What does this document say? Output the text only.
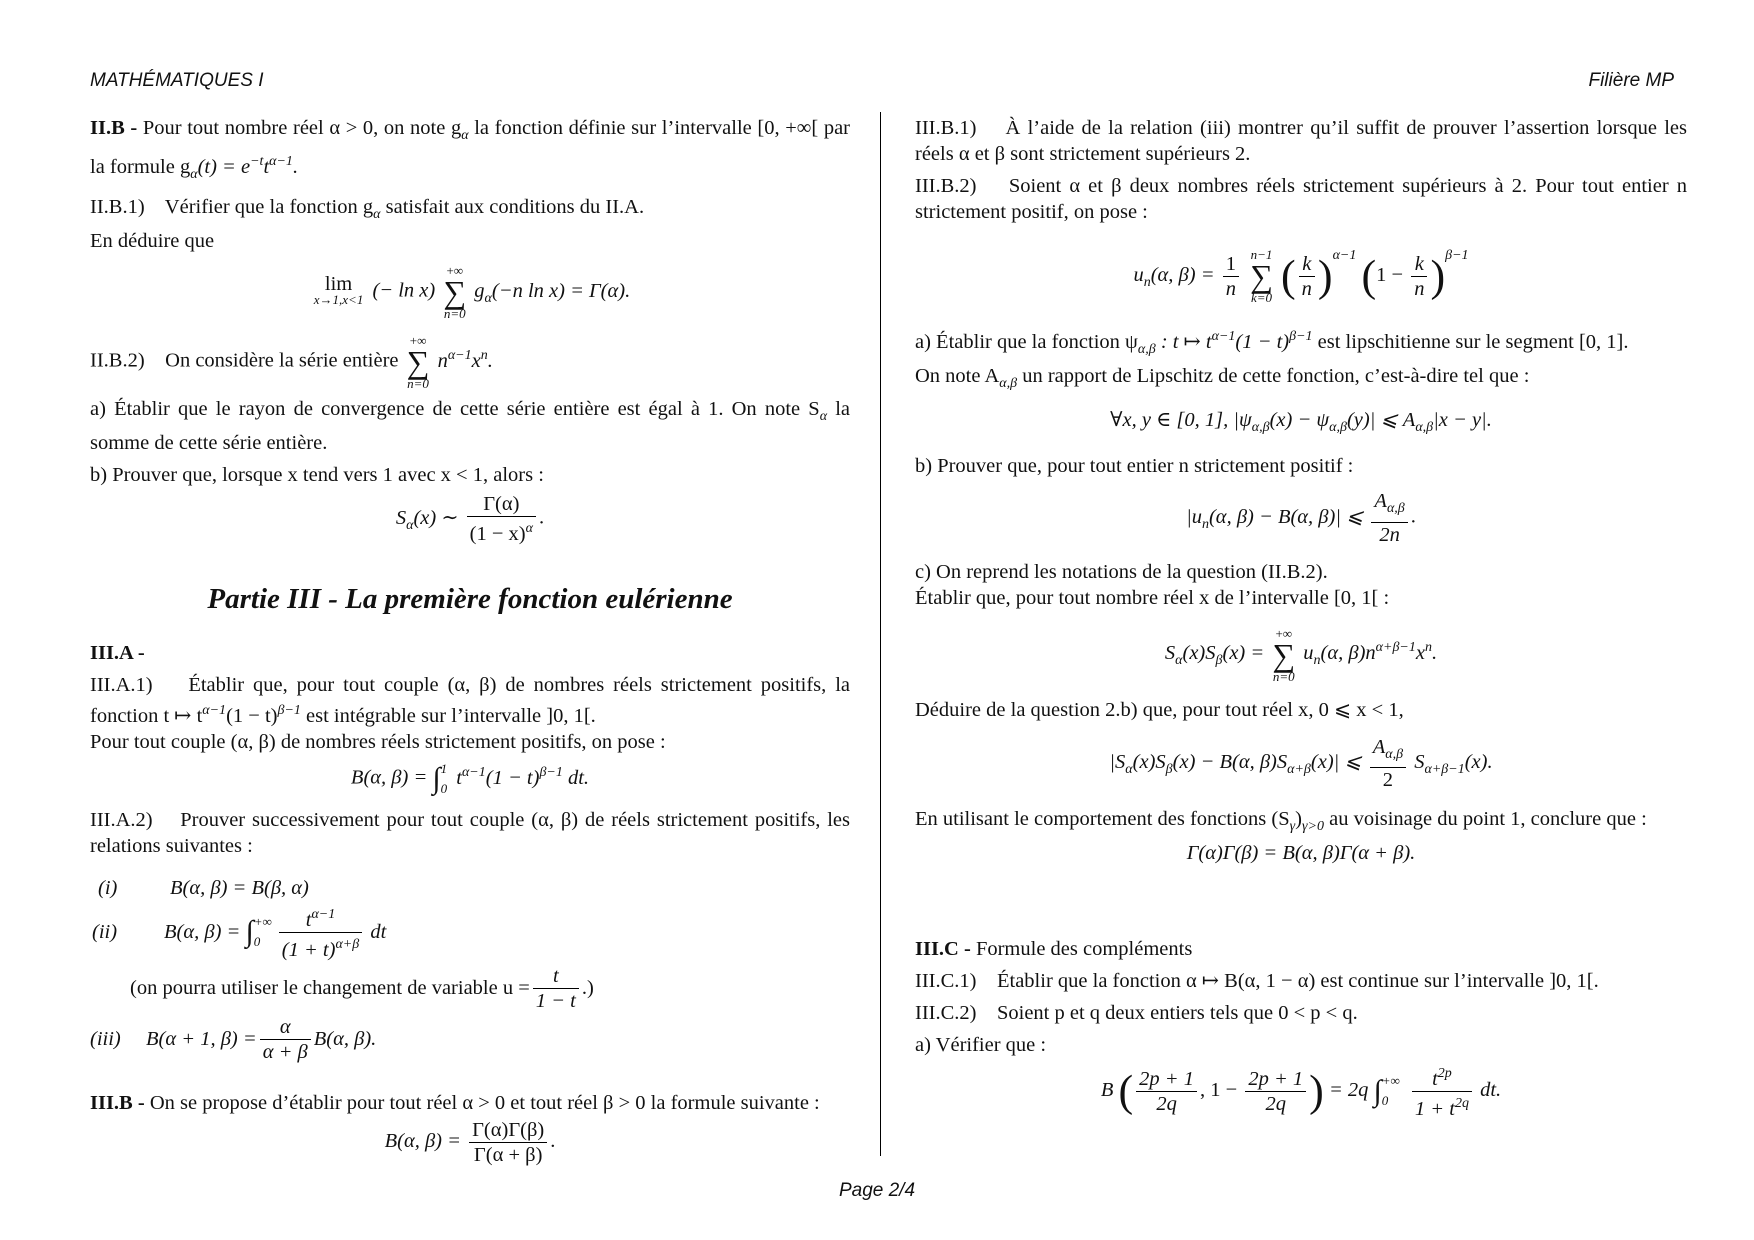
MATHÉMATIQUES I	Filière MP

II.B - Pour tout nombre réel α > 0, on note $g_\alpha$ la fonction définie sur l’intervalle [0, +∞[ par la formule $g_\alpha(t) = e^{-t}t^{\alpha-1}$.

II.B.1) Vérifier que la fonction $g_\alpha$ satisfait aux conditions du II.A.
En déduire que

lim
x→1,x<1 (− ln x) +∞
∑
n=0 $g_\alpha(-n$ ln x) = Γ(α).

II.B.2) On considère la série entière +∞
∑
n=0 $n^{\alpha-1}x^n$.

a) Établir que le rayon de convergence de cette série entière est égal à 1. On note $S_\alpha$ la somme de cette série entière.

b) Prouver que, lorsque x tend vers 1 avec x < 1, alors :

$S_\alpha(x)$ ∼ $\frac{\Gamma(\alpha)}{(1 - x)^\alpha}$ .
Partie III - La première fonction eulérienne

III.A -

III.A.1) Établir que, pour tout couple (α, β) de nombres réels strictement positifs, la fonction t ↦ $t^{\alpha-1}(1 - t)^{\beta-1}$ est intégrable sur l’intervalle ]0, 1[.
Pour tout couple (α, β) de nombres réels strictement positifs, on pose :

B(α, β) = ∫ 1
0 $t^{\alpha-1}(1 - t)^{\beta-1}$ dt.

III.A.2) Prouver successivement pour tout couple (α, β) de réels strictement positifs, les relations suivantes :

(i)	B(α, β) = B(β, α)
(ii)	B(α, β) =
∫ +∞
$0 \frac{t^{\alpha-1}}{(1 + t)^{\alpha+\beta}}$ dt
(on pourra utiliser le changement de variable $u = \frac{t}{1 - t}$ .)
(iii)	B(α + 1, $\beta) = \frac{\alpha}{\alpha + \beta} B(\alpha$, β).

III.B - On se propose d’établir pour tout réel α > 0 et tout réel β > 0 la formule suivante :

B(α, $\beta) = \frac{\Gamma(\alpha)\Gamma(\beta)}{\Gamma(\alpha + \beta)}$ .

III.B.1) À l’aide de la relation (iii) montrer qu’il suffit de prouver l’assertion lorsque les réels α et β sont strictement supérieurs 2.

III.B.2) Soient α et β deux nombres réels strictement supérieurs à 2. Pour tout entier n strictement positif, on pose :

$u_n(\alpha$, $\beta) = \frac{1}{n} n-1$
∑
k=0 ( $\frac{k}{n} )^{\alpha-1}$ $(1 - \frac{k}{n} )^{\beta-1}$

a) Établir que la fonction $\psi_{\alpha,\beta}$ : t ↦ $t^{\alpha-1}(1 - t)^{\beta-1}$ est lipschitienne sur le segment [0, 1].
On note $A_{\alpha,\beta}$ un rapport de Lipschitz de cette fonction, c’est-à-dire tel que :

∀x, y ∈ [0, 1], $|\psi_{\alpha,\beta}(x) - \psi_{\alpha,\beta}(y)|$ ⩽ $A_{\alpha,\beta}|x - y|$.

b) Prouver que, pour tout entier n strictement positif :

$|u_n(\alpha$, β) − B(α, β)| ⩽ $\frac{A_{\alpha,\beta}}{2n}$ .

c) On reprend les notations de la question (II.B.2).
Établir que, pour tout nombre réel x de l’intervalle [0, 1[ :

$S_\alpha(x)S_\beta(x)$ = +∞
∑
n=0 $u_n(\alpha$, $\beta)n^{\alpha+\beta-1}x^n$.

Déduire de la question 2.b) que, pour tout réel x, 0 ⩽ x < 1,

$|S_\alpha(x)S_\beta(x) - B(\alpha$, $\beta)S_{\alpha+\beta}(x)|$ ⩽ $\frac{A_{\alpha,\beta}}{2} S_{\alpha+\beta-1}(x)$.

En utilisant le comportement des fonctions $(S_\gamma)_{\gamma>0}$ au voisinage du point 1, conclure que :

Γ(α)Γ(β) = B(α, β)Γ(α + β).

III.C - Formule des compléments

III.C.1) Établir que la fonction α ↦ B(α, 1 − α) est continue sur l’intervalle ]0, 1[.

III.C.2) Soient p et q deux entiers tels que 0 < p < q.

a) Vérifier que :

B ( $\frac{2p + 1}{2q}$ , $1 - \frac{2p + 1}{2q}$ ) = 2q ∫ +∞
0
	$\frac{t^{2p}}{1 + t^{2q}}$ dt.
Page 2/4
